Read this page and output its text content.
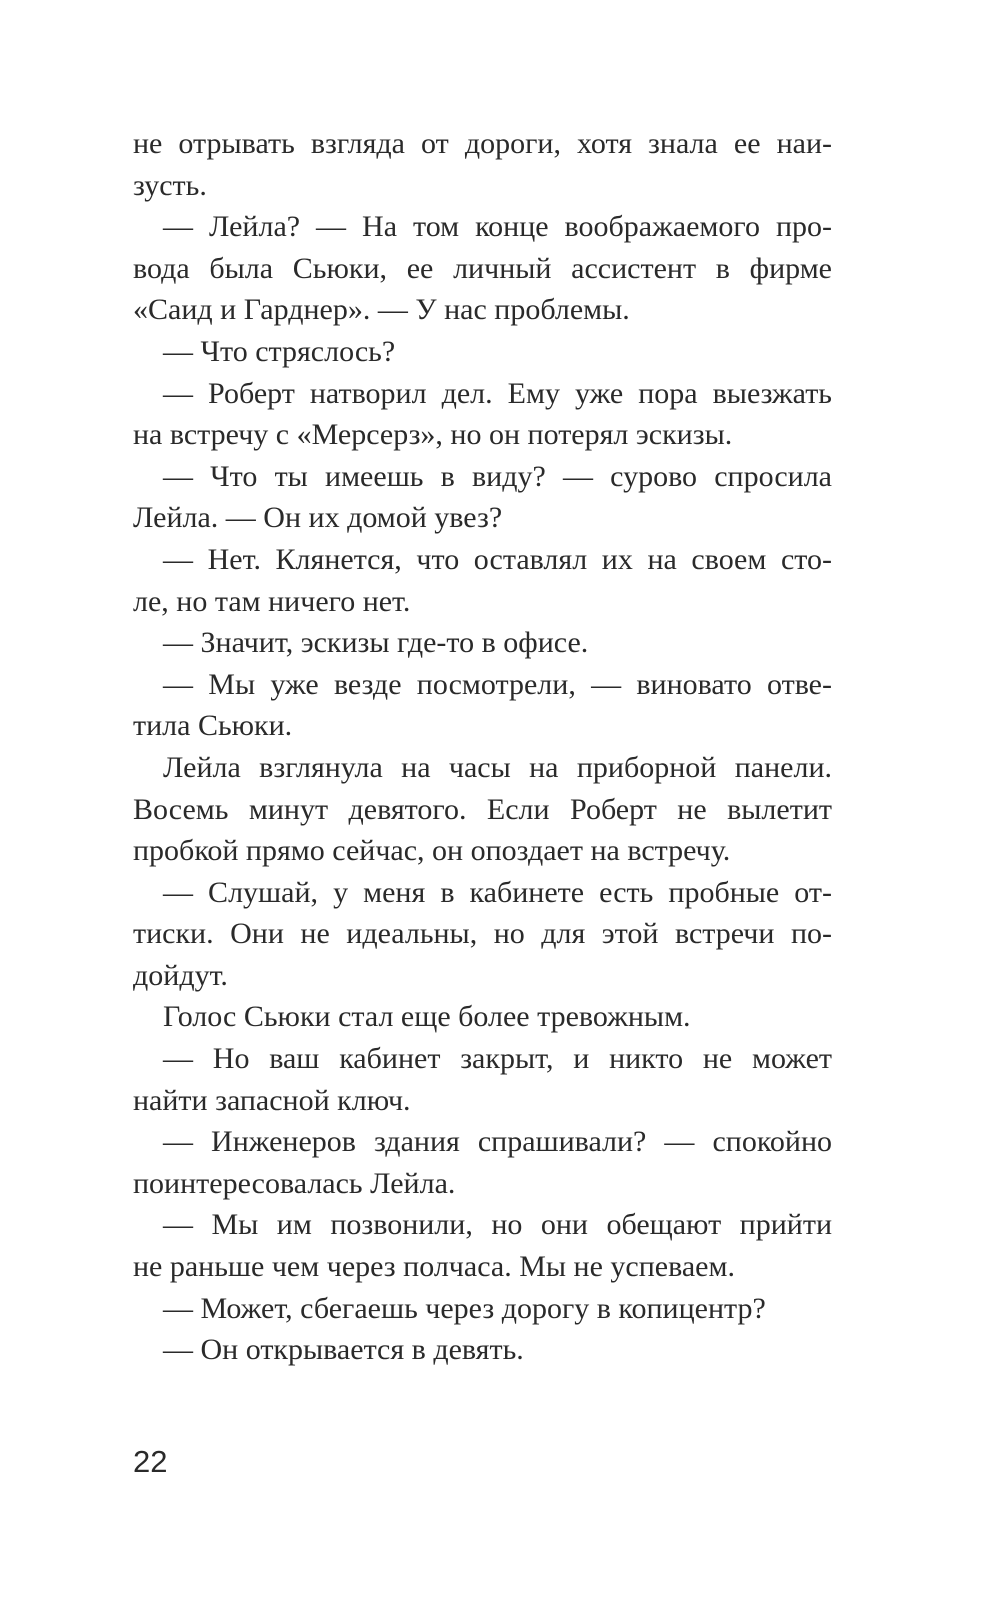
не отрывать взгляда от дороги, хотя знала ее наи-
зусть.
— Лейла? — На том конце воображаемого про-
вода была Сьюки, ее личный ассистент в фирме
«Саид и Гарднер». — У нас проблемы.
— Что стряслось?
— Роберт натворил дел. Ему уже пора выезжать
на встречу с «Мерсерз», но он потерял эскизы.
— Что ты имеешь в виду? — сурово спросила
Лейла. — Он их домой увез?
— Нет. Клянется, что оставлял их на своем сто-
ле, но там ничего нет.
— Значит, эскизы где-то в офисе.
— Мы уже везде посмотрели, — виновато отве-
тила Сьюки.
Лейла взглянула на часы на приборной панели.
Восемь минут девятого. Если Роберт не вылетит
пробкой прямо сейчас, он опоздает на встречу.
— Слушай, у меня в кабинете есть пробные от-
тиски. Они не идеальны, но для этой встречи по-
дойдут.
Голос Сьюки стал еще более тревожным.
— Но ваш кабинет закрыт, и никто не может
найти запасной ключ.
— Инженеров здания спрашивали? — спокойно
поинтересовалась Лейла.
— Мы им позвонили, но они обещают прийти
не раньше чем через полчаса. Мы не успеваем.
— Может, сбегаешь через дорогу в копицентр?
— Он открывается в девять.
22
